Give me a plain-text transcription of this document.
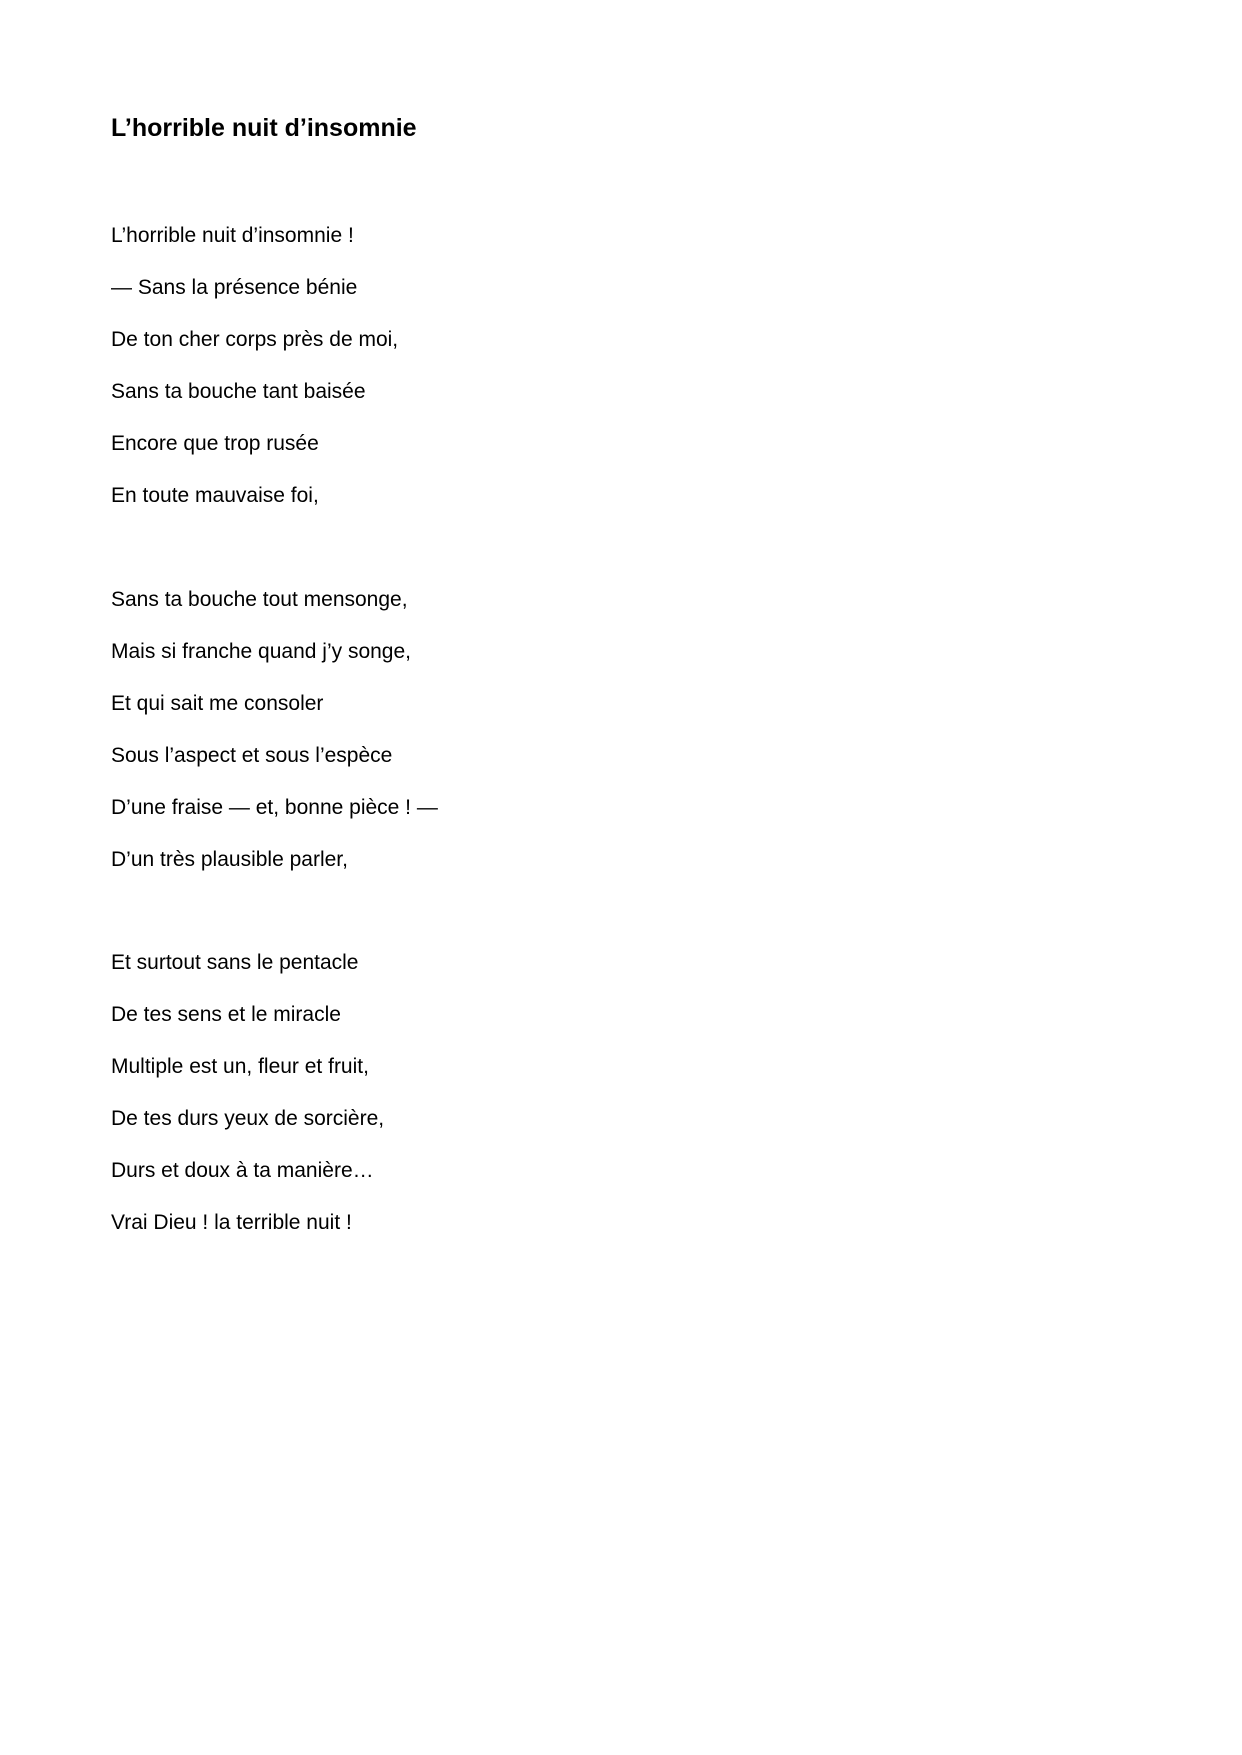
L’horrible nuit d’insomnie
L’horrible nuit d’insomnie !
— Sans la présence bénie
De ton cher corps près de moi,
Sans ta bouche tant baisée
Encore que trop rusée
En toute mauvaise foi,
Sans ta bouche tout mensonge,
Mais si franche quand j’y songe,
Et qui sait me consoler
Sous l’aspect et sous l’espèce
D’une fraise — et, bonne pièce ! —
D’un très plausible parler,
Et surtout sans le pentacle
De tes sens et le miracle
Multiple est un, fleur et fruit,
De tes durs yeux de sorcière,
Durs et doux à ta manière…
Vrai Dieu ! la terrible nuit !
